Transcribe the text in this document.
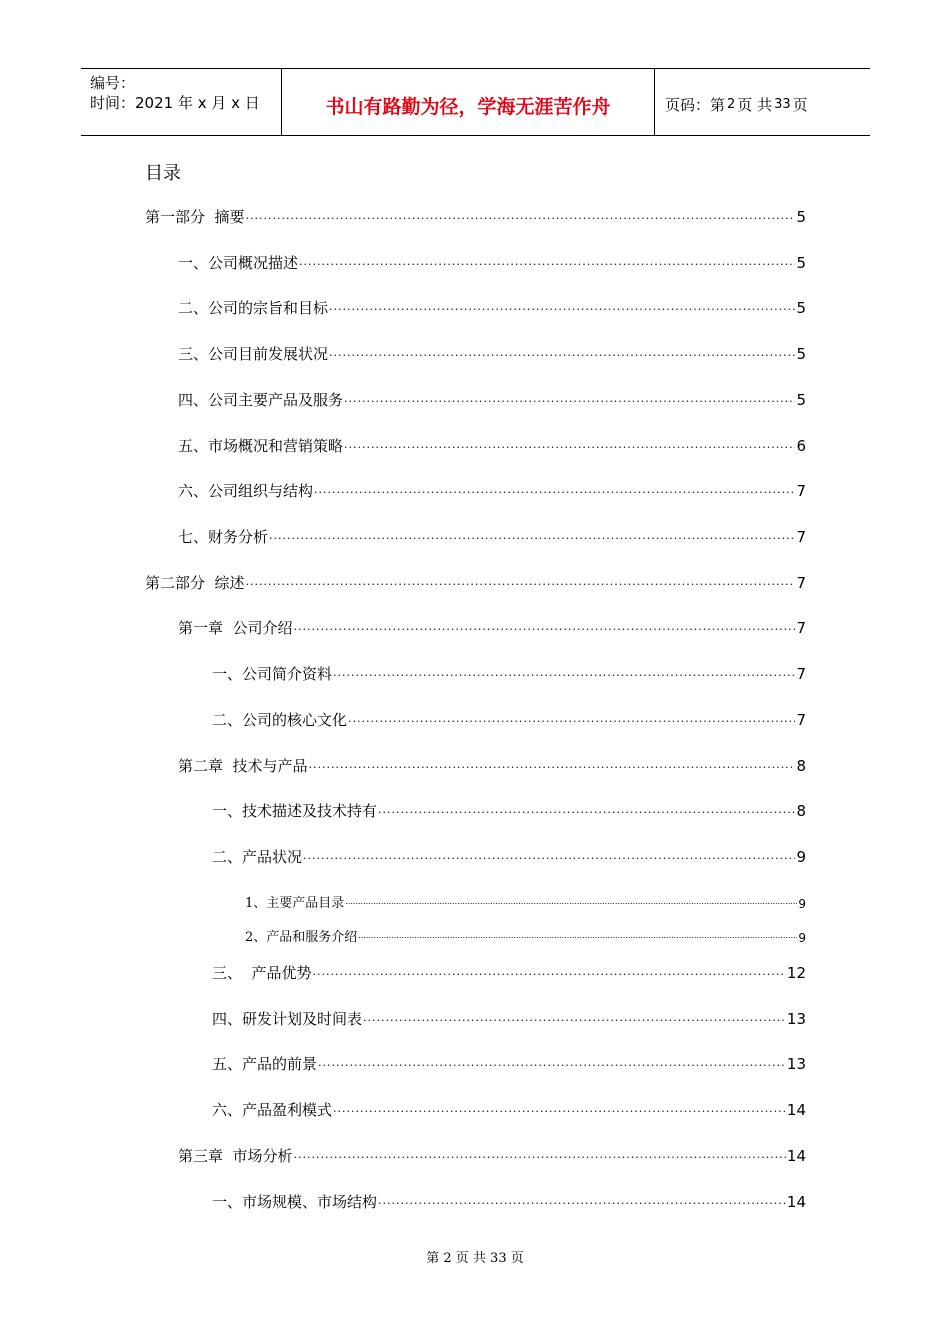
编号：
时间：2021 年 x 月 x 日	书山有路勤为径，学海无涯苦作舟	页码：第 2 页 共 33 页
目录
第一部分  摘要 .....	5
一、公司概况描述 .....	5
二、公司的宗旨和目标 .....	5
三、公司目前发展状况 .....	5
四、公司主要产品及服务 .....	5
五、市场概况和营销策略 .....	6
六、公司组织与结构 .....	7
七、财务分析 .....	7
第二部分  综述 .....	7
第一章  公司介绍 .....	7
一、公司简介资料 .....	7
二、公司的核心文化 .....	7
第二章  技术与产品 .....	8
一、技术描述及技术持有 .....	8
二、产品状况 .....	9
1、主要产品目录 .....	9
2、产品和服务介绍 .....	9
三、  产品优势 .....	12
四、研发计划及时间表 .....	13
五、产品的前景 .....	13
六、产品盈利模式 .....	14
第三章  市场分析 .....	14
一、市场规模、市场结构 .....	14
第 2 页 共 33 页
